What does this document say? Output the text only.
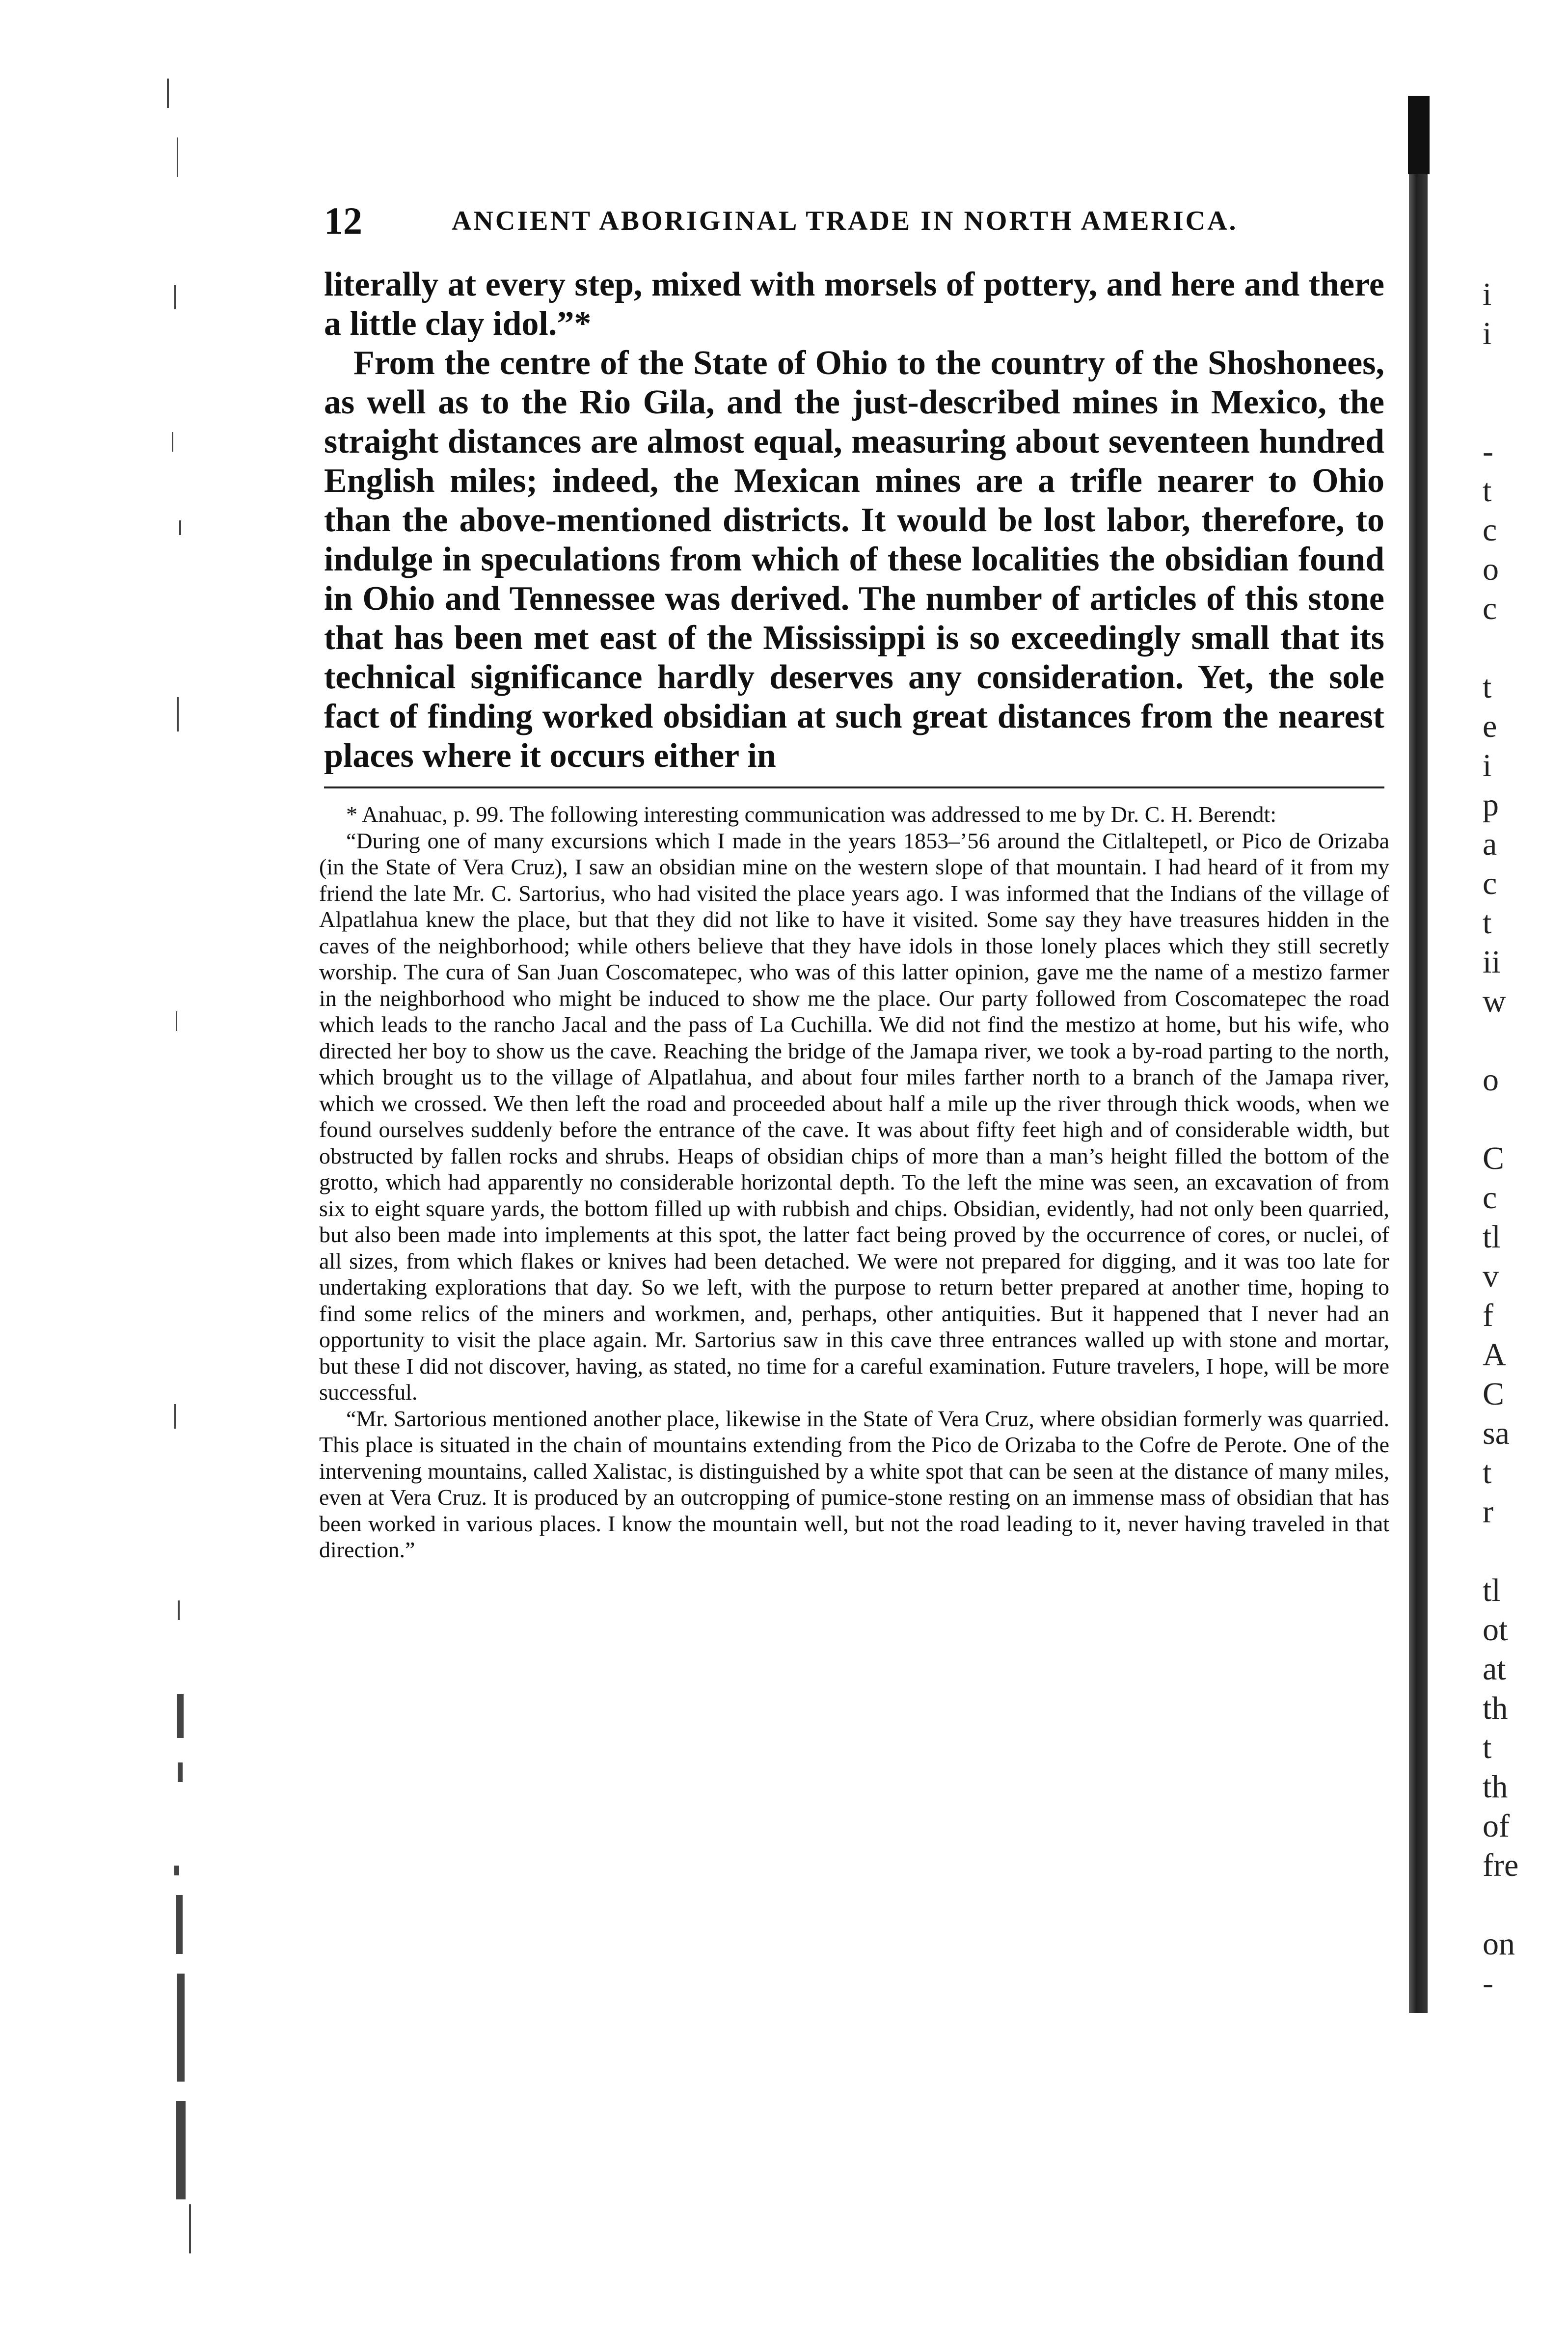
12	ANCIENT ABORIGINAL TRADE IN NORTH AMERICA.

literally at every step, mixed with morsels of pottery, and here and there a little clay idol.”*

From the centre of the State of Ohio to the country of the Shoshonees, as well as to the Rio Gila, and the just-described mines in Mexico, the straight distances are almost equal, measuring about seventeen hundred English miles; indeed, the Mexican mines are a trifle nearer to Ohio than the above-mentioned districts. It would be lost labor, therefore, to indulge in speculations from which of these localities the obsidian found in Ohio and Tennessee was derived. The number of articles of this stone that has been met east of the Mississippi is so exceedingly small that its technical significance hardly deserves any consideration. Yet, the sole fact of finding worked obsidian at such great distances from the nearest places where it occurs either in

* Anahuac, p. 99. The following interesting communication was addressed to me by Dr. C. H. Berendt:

“During one of many excursions which I made in the years 1853–’56 around the Citlaltepetl, or Pico de Orizaba (in the State of Vera Cruz), I saw an obsidian mine on the western slope of that mountain. I had heard of it from my friend the late Mr. C. Sartorius, who had visited the place years ago. I was informed that the Indians of the village of Alpatlahua knew the place, but that they did not like to have it visited. Some say they have treasures hidden in the caves of the neighborhood; while others believe that they have idols in those lonely places which they still secretly worship. The cura of San Juan Coscomatepec, who was of this latter opinion, gave me the name of a mestizo farmer in the neighborhood who might be induced to show me the place. Our party followed from Coscomatepec the road which leads to the rancho Jacal and the pass of La Cuchilla. We did not find the mestizo at home, but his wife, who directed her boy to show us the cave. Reaching the bridge of the Jamapa river, we took a by-road parting to the north, which brought us to the village of Alpatlahua, and about four miles farther north to a branch of the Jamapa river, which we crossed. We then left the road and proceeded about half a mile up the river through thick woods, when we found ourselves suddenly before the entrance of the cave. It was about fifty feet high and of considerable width, but obstructed by fallen rocks and shrubs. Heaps of obsidian chips of more than a man’s height filled the bottom of the grotto, which had apparently no considerable horizontal depth. To the left the mine was seen, an excavation of from six to eight square yards, the bottom filled up with rubbish and chips. Obsidian, evidently, had not only been quarried, but also been made into implements at this spot, the latter fact being proved by the occurrence of cores, or nuclei, of all sizes, from which flakes or knives had been detached. We were not prepared for digging, and it was too late for undertaking explorations that day. So we left, with the purpose to return better prepared at another time, hoping to find some relics of the miners and workmen, and, perhaps, other antiquities. But it happened that I never had an opportunity to visit the place again. Mr. Sartorius saw in this cave three entrances walled up with stone and mortar, but these I did not discover, having, as stated, no time for a careful examination. Future travelers, I hope, will be more successful.

“Mr. Sartorious mentioned another place, likewise in the State of Vera Cruz, where obsidian formerly was quarried. This place is situated in the chain of mountains extending from the Pico de Orizaba to the Cofre de Perote. One of the intervening mountains, called Xalistac, is distinguished by a white spot that can be seen at the distance of many miles, even at Vera Cruz. It is produced by an outcropping of pumice-stone resting on an immense mass of obsidian that has been worked in various places. I know the mountain well, but not the road leading to it, never having traveled in that direction.”

i
i
-
t
c
o
c
t
e
i
p
a
c
t
ii
w
o
C
c
tl
v
f
A
C
sa
t
r
tl
ot
at
th
t
th
of
fre
on
-
